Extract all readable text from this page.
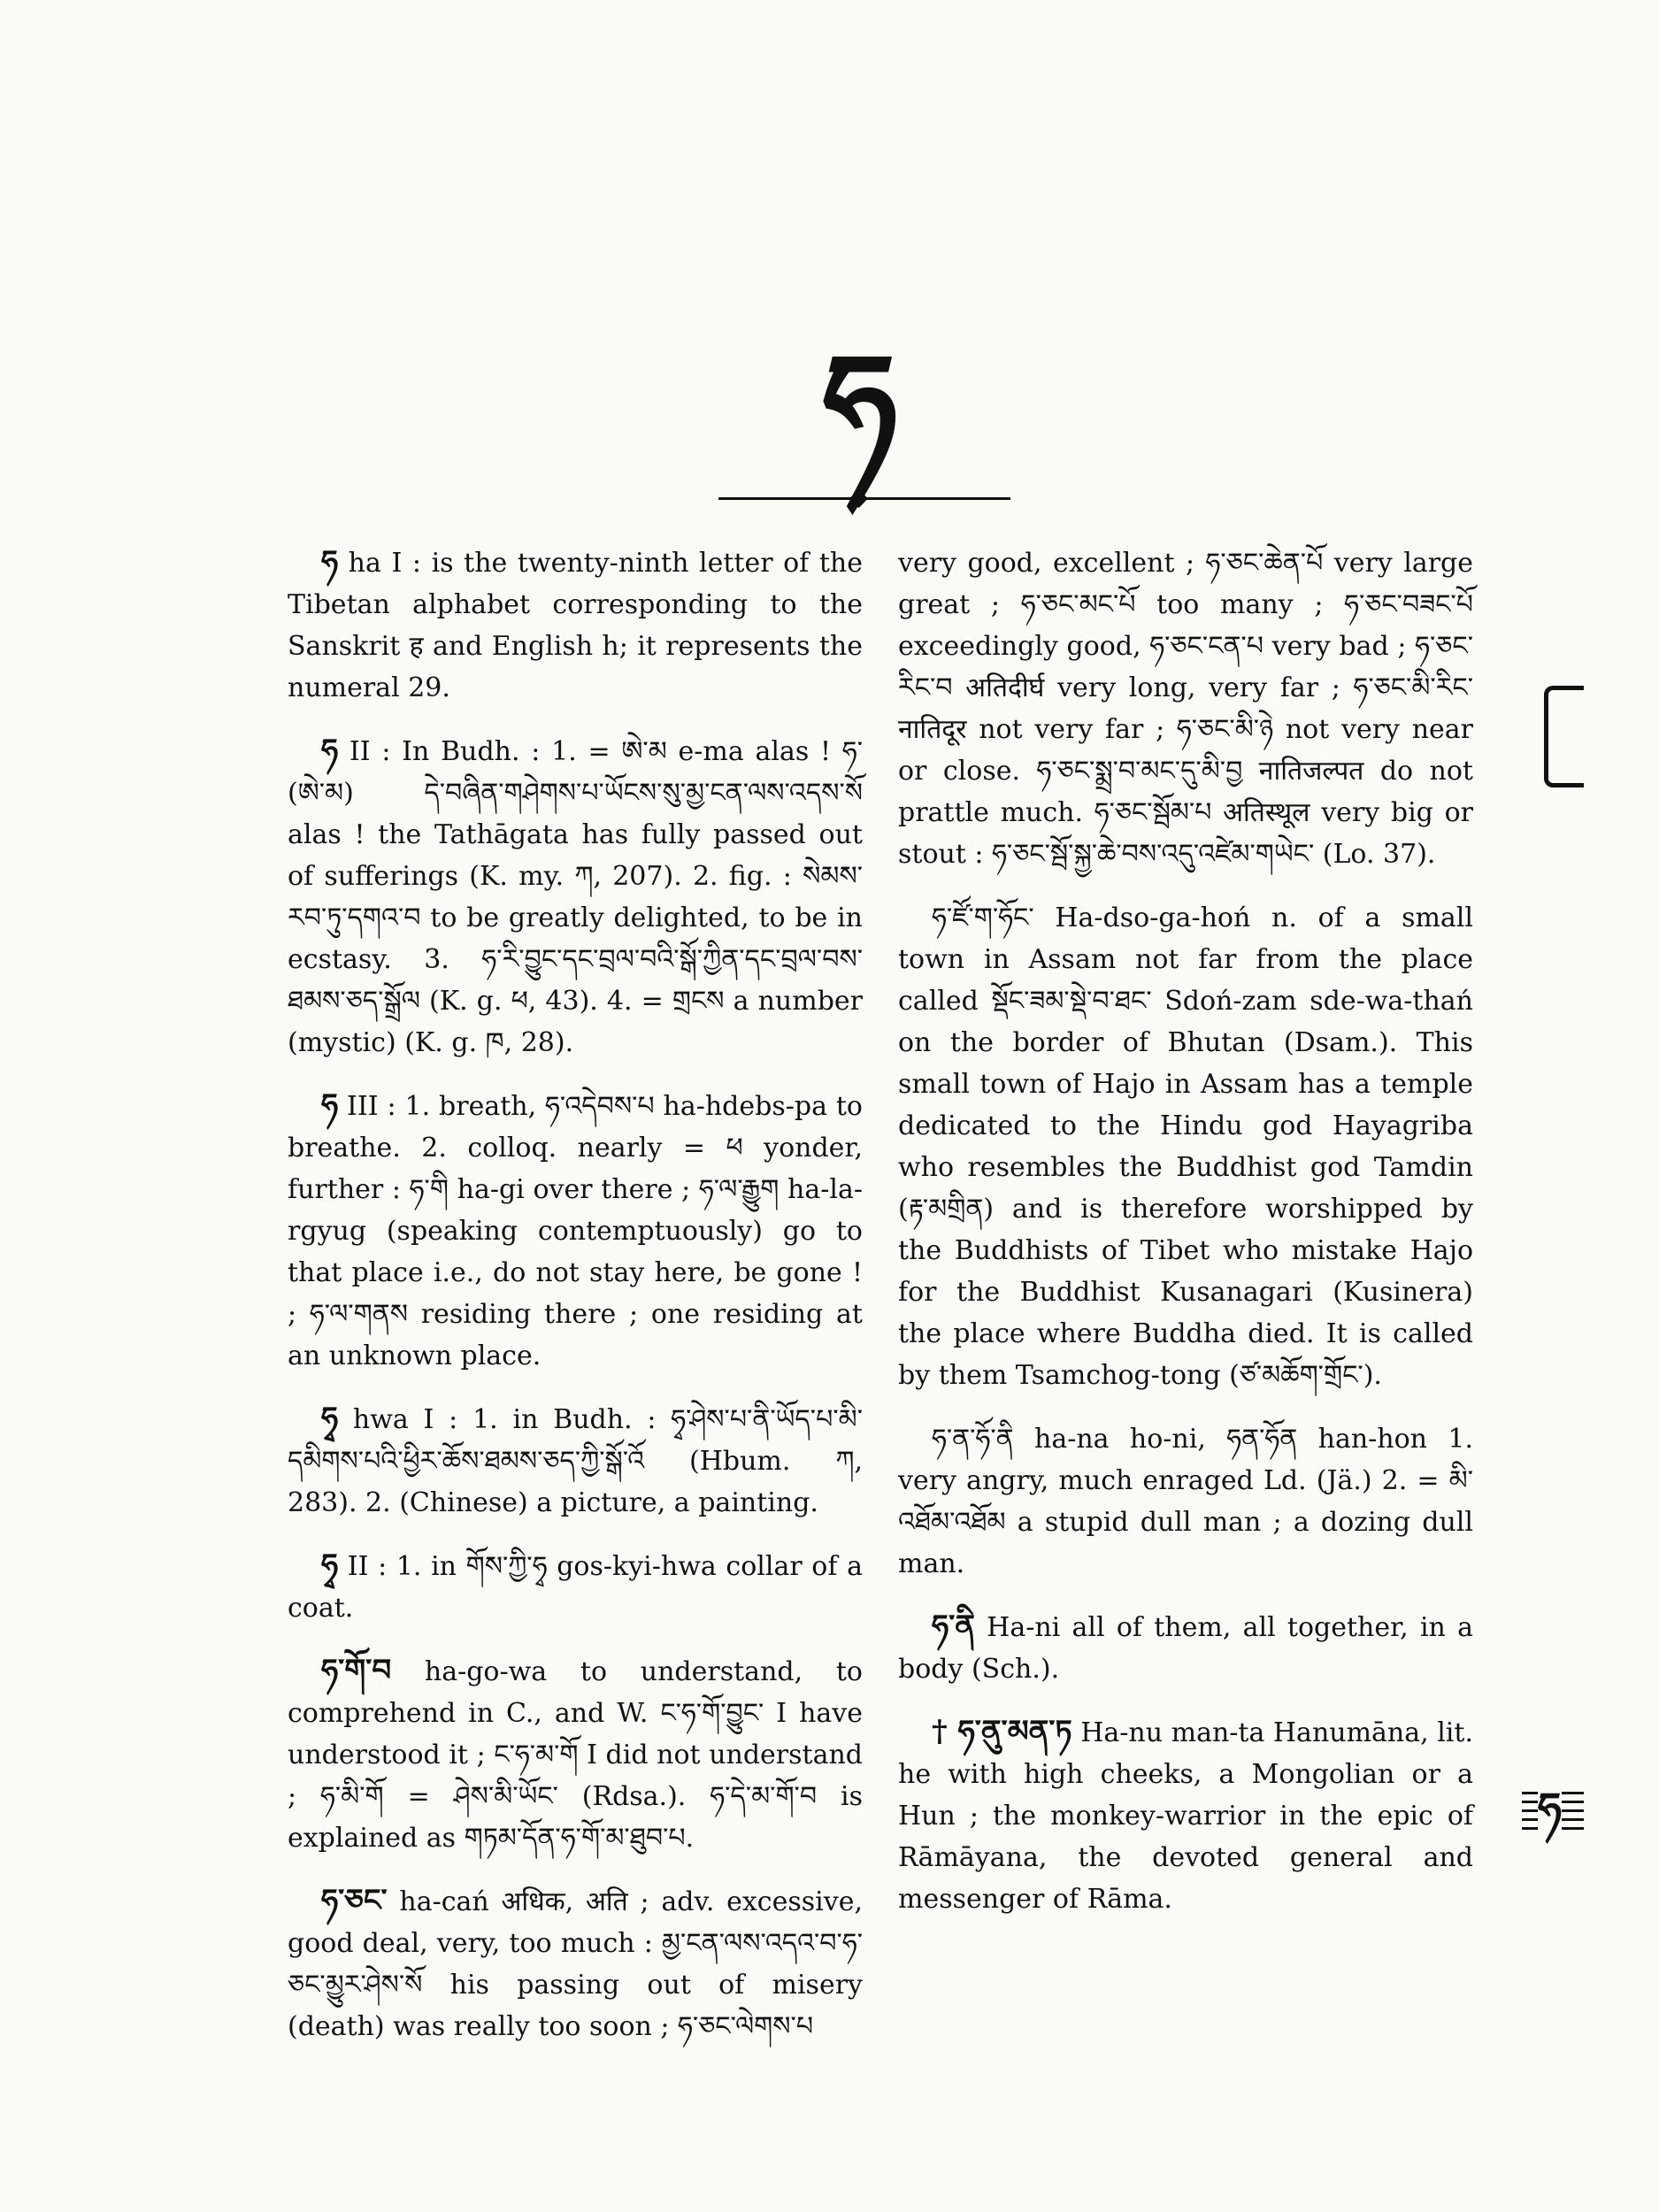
ཧ

ཧ ha I : is the twenty-ninth letter of the Tibetan alphabet corresponding to the Sanskrit ह and English h; it represents the numeral 29.

ཧ II : In Budh. : 1. = ཨེ་མ e-ma alas ! ཧ་ (ཨེ་མ) དེ་བཞིན་གཤེགས་པ་ཡོངས་སུ་མྱ་ངན་ལས་འདས་སོ alas ! the Tathāgata has fully passed out of sufferings (K. my. ཀ, 207). 2. fig. : སེམས་རབ་ཏུ་དགའ་བ to be greatly delighted, to be in ecstasy. 3. ཧ་རི་བྱུང་དང་བྲལ་བའི་སྒོ་ཀྱིན་དང་བྲལ་བས་ཐམས་ཅད་སྒྲོལ (K. g. ཕ, 43). 4. = གྲངས a number (mystic) (K. g. ཁ, 28).

ཧ III : 1. breath, ཧ་འདེབས་པ ha-hdebs-pa to breathe. 2. colloq. nearly = ཕ yonder, further : ཧ་གི ha-gi over there ; ཧ་ལ་རྒྱུག ha-la-rgyug (speaking contemptuously) go to that place i.e., do not stay here, be gone ! ; ཧ་ལ་གནས residing there ; one residing at an unknown place.

ཧྭ hwa I : 1. in Budh. : ཧྭ་ཤེས་པ་ནི་ཡོད་པ་མི་དམིགས་པའི་ཕྱིར་ཆོས་ཐམས་ཅད་ཀྱི་སྒོ་འོ (Hbum. ཀ, 283). 2. (Chinese) a picture, a painting.

ཧྭ II : 1. in གོས་ཀྱི་ཧྭ gos-kyi-hwa collar of a coat.

ཧ་གོ་བ ha-go-wa to understand, to comprehend in C., and W. ང་ཧ་གོ་བྱུང་ I have understood it ; ང་ཧ་མ་གོ I did not understand ; ཧ་མི་གོ = ཤེས་མི་ཡོང་ (Rdsa.). ཧ་དེ་མ་གོ་བ is explained as གཏམ་དོན་ཧ་གོ་མ་ཐུབ་པ.

ཧ་ཅང་ ha-cań अधिक, अति ; adv. excessive, good deal, very, too much : མྱ་ངན་ལས་འདའ་བ་ཧ་ཅང་མྱུར་ཤེས་སོ his passing out of misery (death) was really too soon ; ཧ་ཅང་ལེགས་པ

very good, excellent ; ཧ་ཅང་ཆེན་པོ very large great ; ཧ་ཅང་མང་པོ too many ; ཧ་ཅང་བཟང་པོ exceedingly good, ཧ་ཅང་ངན་པ very bad ; ཧ་ཅང་རིང་བ अतिदीर्घ very long, very far ; ཧ་ཅང་མི་རིང་ नातिदूर not very far ; ཧ་ཅང་མི་ཉེ not very near or close. ཧ་ཅང་སྨྲ་བ་མང་དུ་མི་བྱ नातिजल्पत do not prattle much. ཧ་ཅང་སྦོམ་པ अतिस्थूल very big or stout : ཧ་ཅང་སྦོ་སྐྱ་ཆེ་བས་འདུ་འཛེམ་གཡེང་ (Lo. 37).

ཧ་ཛོ་ག་ཧོང་ Ha-dso-ga-hoń n. of a small town in Assam not far from the place called སྡོང་ཟམ་སྡེ་བ་ཐང་ Sdoń-zam sde-wa-thań on the border of Bhutan (Dsam.). This small town of Hajo in Assam has a temple dedicated to the Hindu god Hayagriba who resembles the Buddhist god Tamdin (རྟ་མགྲིན) and is therefore worshipped by the Buddhists of Tibet who mistake Hajo for the Buddhist Kusanagari (Kusinera) the place where Buddha died. It is called by them Tsamchog-tong (ཙ་མཆོག་གྲོང་).

ཧ་ན་ཧོ་ནི ha-na ho-ni, ཧན་ཧོན han-hon 1. very angry, much enraged Ld. (Jä.) 2. = མི་འཐོམ་འཐོམ a stupid dull man ; a dozing dull man.

ཧ་ནི Ha-ni all of them, all together, in a body (Sch.).

† ཧ་ནུ་མན་ཏ Ha-nu man-ta Hanumāna, lit. he with high cheeks, a Mongolian or a Hun ; the monkey-warrior in the epic of Rāmāyana, the devoted general and messenger of Rāma.

ཧ
